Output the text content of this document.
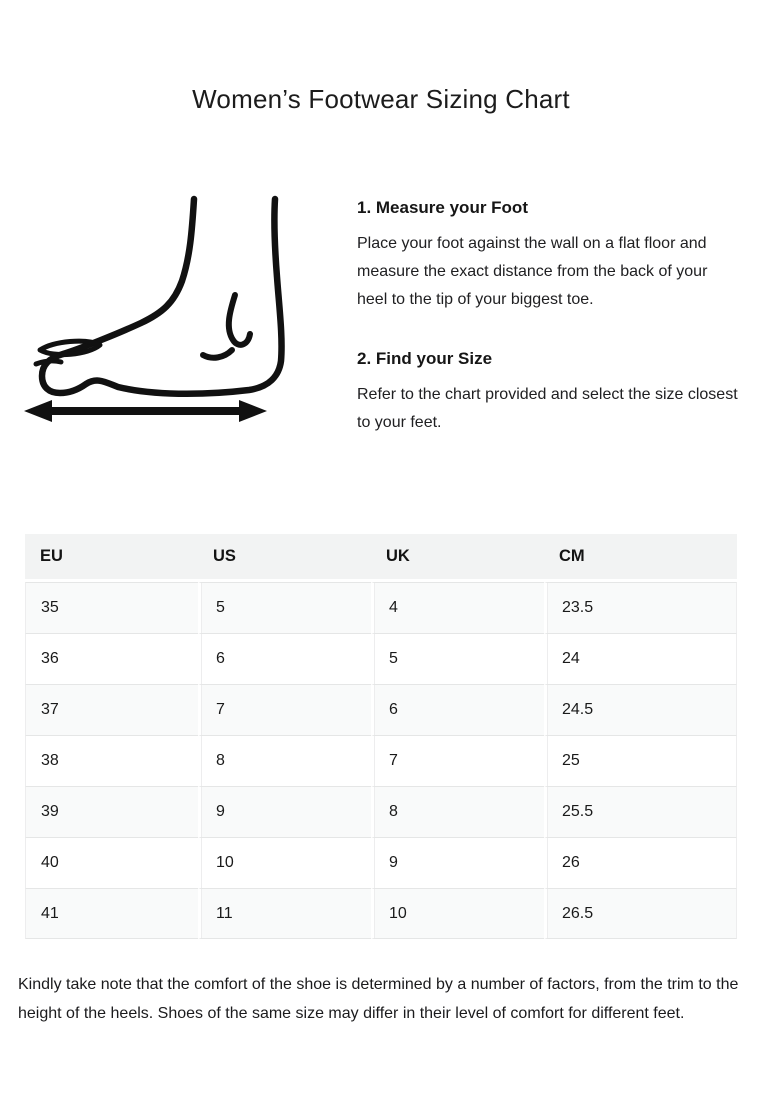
Women’s Footwear Sizing Chart
1. Measure your Foot
Place your foot against the wall on a flat floor and measure the exact distance from the back of your heel to the tip of your biggest toe.
2. Find your Size
Refer to the chart provided and select the size closest to your feet.
EU	US	UK	CM
35	5	4	23.5
36	6	5	24
37	7	6	24.5
38	8	7	25
39	9	8	25.5
40	10	9	26
41	11	10	26.5

Kindly take note that the comfort of the shoe is determined by a number of factors, from the trim to the height of the heels. Shoes of the same size may differ in their level of comfort for different feet.
